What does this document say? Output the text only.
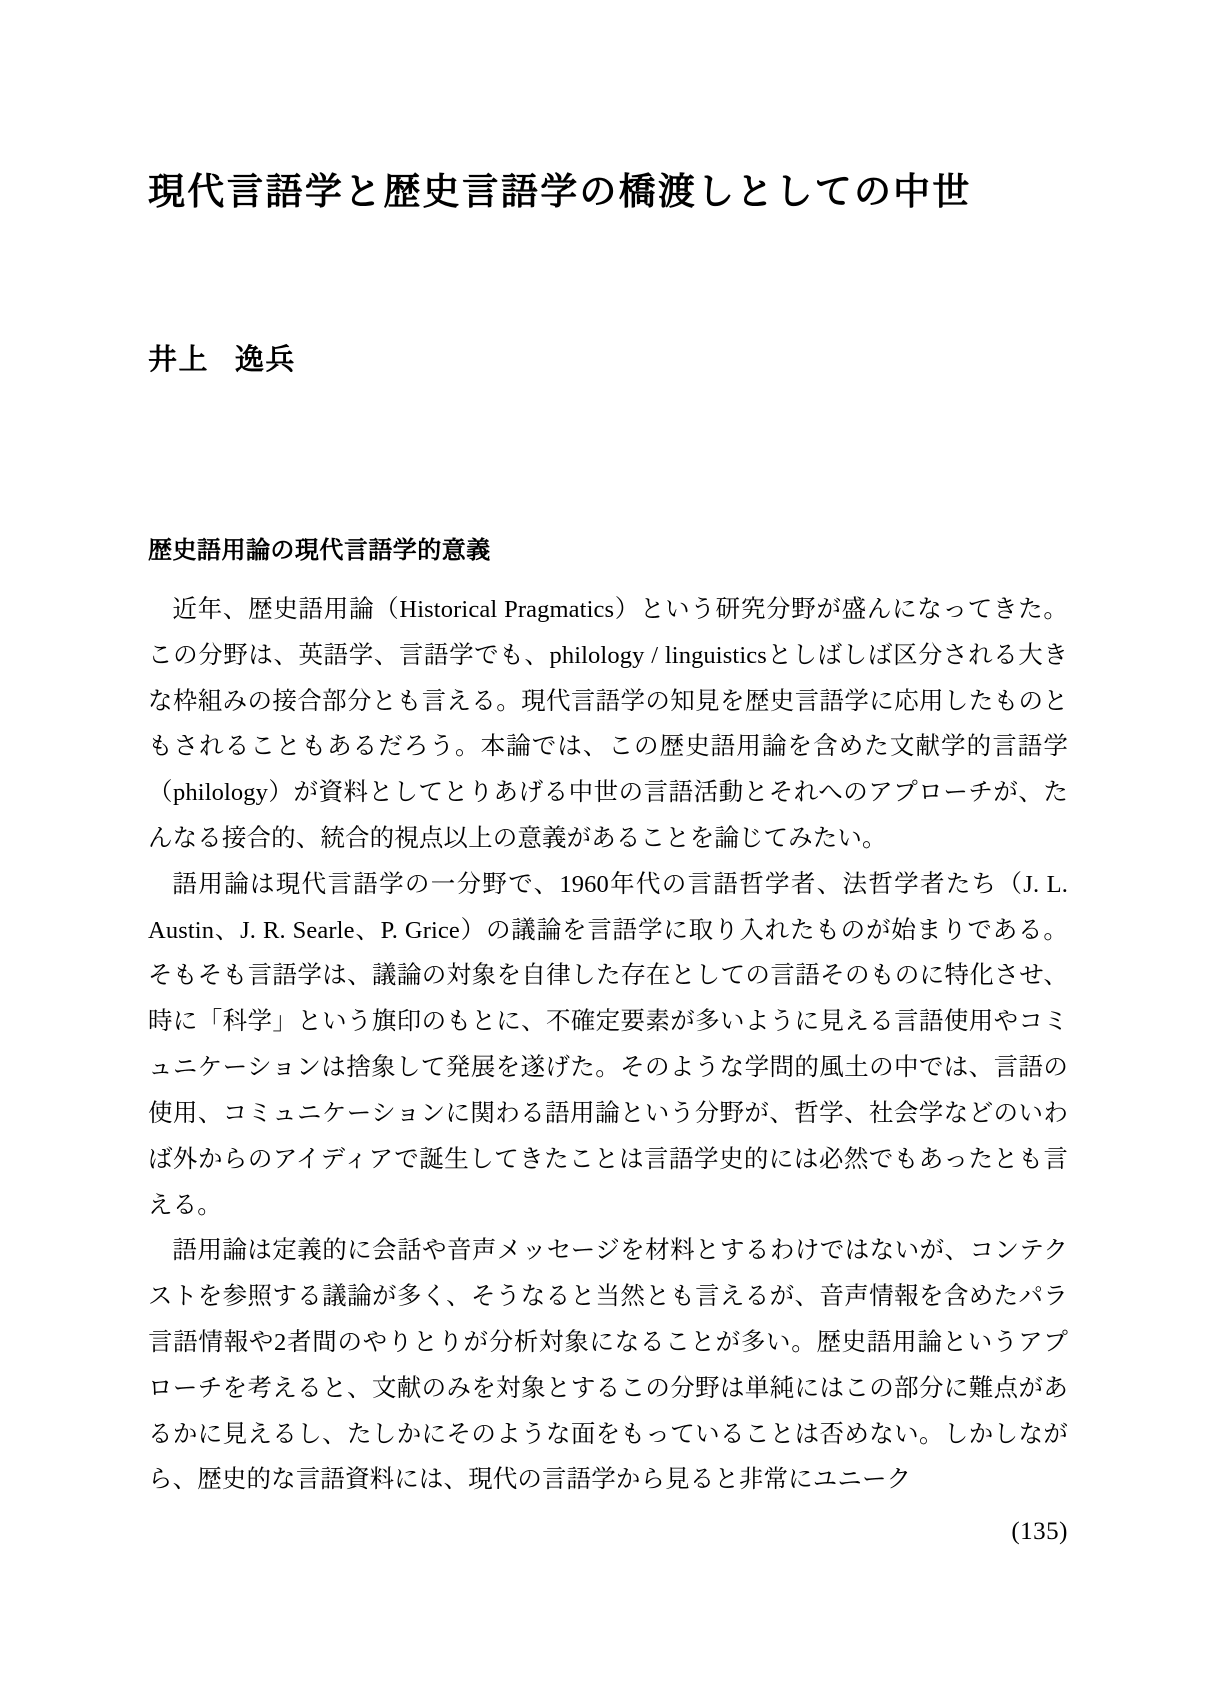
現代言語学と歴史言語学の橋渡しとしての中世
井上 逸兵
歴史語用論の現代言語学的意義

近年、歴史語用論（Historical Pragmatics）という研究分野が盛んになってきた。この分野は、英語学、言語学でも、philology / linguisticsとしばしば区分される大きな枠組みの接合部分とも言える。現代言語学の知見を歴史言語学に応用したものともされることもあるだろう。本論では、この歴史語用論を含めた文献学的言語学（philology）が資料としてとりあげる中世の言語活動とそれへのアプローチが、たんなる接合的、統合的視点以上の意義があることを論じてみたい。

語用論は現代言語学の一分野で、1960年代の言語哲学者、法哲学者たち（J. L. Austin、J. R. Searle、P. Grice）の議論を言語学に取り入れたものが始まりである。そもそも言語学は、議論の対象を自律した存在としての言語そのものに特化させ、時に「科学」という旗印のもとに、不確定要素が多いように見える言語使用やコミュニケーションは捨象して発展を遂げた。そのような学問的風土の中では、言語の使用、コミュニケーションに関わる語用論という分野が、哲学、社会学などのいわば外からのアイディアで誕生してきたことは言語学史的には必然でもあったとも言える。

語用論は定義的に会話や音声メッセージを材料とするわけではないが、コンテクストを参照する議論が多く、そうなると当然とも言えるが、音声情報を含めたパラ言語情報や2者間のやりとりが分析対象になることが多い。歴史語用論というアプローチを考えると、文献のみを対象とするこの分野は単純にはこの部分に難点があるかに見えるし、たしかにそのような面をもっていることは否めない。しかしながら、歴史的な言語資料には、現代の言語学から見ると非常にユニーク

(135)
